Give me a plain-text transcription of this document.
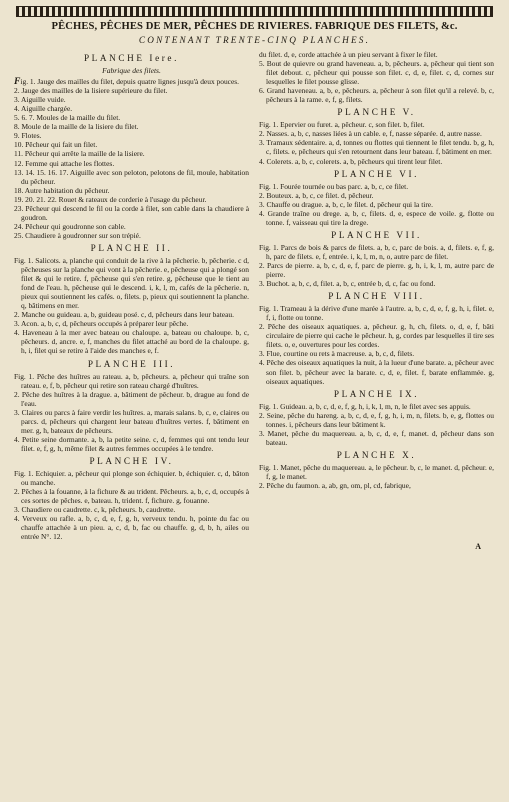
PÊCHES, PÊCHES DE MER, PÊCHES DE RIVIERES. FABRIQUE DES FILETS, &c.
CONTENANT TRENTE-CINQ PLANCHES.
PLANCHE Iere.
Fabrique des filets.

Fig. 1. Jauge des mailles du filet, depuis quatre lignes jusqu'à deux pouces.

2. Jauge des mailles de la lisiere supérieure du filet.

3. Aiguille vuide.

4. Aiguille chargée.

5. 6. 7. Moules de la maille du filet.

8. Moule de la maille de la lisiere du filet.

9. Flotes.

10. Pêcheur qui fait un filet.

11. Pêcheur qui arrête la maille de la lisiere.

12. Femme qui attache les flottes.

13. 14. 15. 16. 17. Aiguille avec son peloton, pelotons de fil, moule, habitation du pêcheur.

18. Autre habitation du pêcheur.

19. 20. 21. 22. Rouet & rateaux de corderie à l'usage du pêcheur.

23. Pêcheur qui descend le fil ou la corde à filet, son cable dans la chaudiere à goudron.

24. Pêcheur qui goudronne son cable.

25. Chaudiere à goudronner sur son trépié.

PLANCHE II.

Fig. 1. Salicots. a, planche qui conduit de la rive à la pêcherie. b, pêcherie. c d, pêcheuses sur la planche qui vont à la pêcherie. e, pêcheuse qui a plongé son filet & qui le retire. f, pêcheuse qui s'en retire. g, pêcheuse que le tient au fond de l'eau. h, pêcheuse qui le descend. i, k, l, m, cafés de la pêcherie. n, pieux qui soutiennent les cafés. o, filets. p, pieux qui soutiennent la planche. q, bâtimens en mer.

2. Manche ou guideau. a, b, guideau posé. c, d, pêcheurs dans leur bateau.

3. Acon. a, b, c, d, pêcheurs occupés à préparer leur pêche.

4. Haveneau à la mer avec bateau ou chaloupe. a, bateau ou chaloupe. b, c, pêcheurs. d, ancre. e, f, manches du filet attaché au bord de la chaloupe. g, h, i, filet qui se retire à l'aide des manches e, f.

PLANCHE III.

Fig. 1. Pêche des huîtres au rateau. a, b, pêcheurs. a, pêcheur qui traîne son rateau. e, f, b, pêcheur qui retire son rateau chargé d'huîtres.

2. Pêche des huîtres à la drague. a, bâtiment de pêcheur. b, drague au fond de l'eau.

3. Claires ou parcs à faire verdir les huîtres. a, marais salans. b, c, e, claires ou parcs. d, pêcheurs qui chargent leur bateau d'huîtres vertes. f, bâtiment en mer. g, h, bateaux de pêcheurs.

4. Petite seine dormante. a, b, la petite seine. c, d, femmes qui ont tendu leur filet. e, f, g, h, même filet & autres femmes occupées à le tendre.

PLANCHE IV.

Fig. 1. Echiquier. a, pêcheur qui plonge son échiquier. b, échiquier. c, d, bâton ou manche.

2. Pêches à la fouanne, à la fichure & au trident. Pêcheurs. a, b, c, d, occupés à ces sortes de pêches. e, bateau. h, trident. f, fichure. g, fouanne.

3. Chaudiere ou caudrette. c, k, pêcheurs. b, caudrette.

4. Verveux ou rafle. a, b, c, d, e, f, g, h, verveux tendu. h, pointe du fac ou chauffe attachée à un pieu. a, c, d, b, fac ou chauffe. g, d, b, h, ailes ou entrée N°. 12.

du filet. d, e, corde attachée à un pieu servant à fixer le filet.

5. Bout de quievre ou grand haveneau. a, b, pêcheurs. a, pêcheur qui tient son filet debout. c, pêcheur qui pousse son filet. c, d, e, filet. c, d, cornes sur lesquelles le filet pousse glisse.

6. Grand haveneau. a, b, e, pêcheurs. a, pêcheur à son filet qu'il a relevé. b, c, pêcheurs à la rame. e, f, g, filets.

PLANCHE V.

Fig. 1. Epervier ou furet. a, pêcheur. c, son filet. b, filet.

2. Nasses. a, b, c, nasses liées à un cable. e, f, nasse séparée. d, autre nasse.

3. Tramaux sédentaire. a, d, tonnes ou flottes qui tiennent le filet tendu. b, g, h, c, filets. e, pêcheurs qui s'en retournent dans leur bateau. f, bâtiment en mer.

4. Colerets. a, b, c, colerets. a, b, pêcheurs qui tirent leur filet.

PLANCHE VI.

Fig. 1. Fourée tournée ou bas parc. a, b, c, ce filet.

2. Bouteux. a, b, c, ce filet. d, pêcheur.

3. Chauffe ou drague. a, b, c, le filet. d, pêcheur qui la tire.

4. Grande traîne ou drege. a, b, c, filets. d, e, espece de voile. g, flotte ou tonne. f, vaisseau qui tire la drege.

PLANCHE VII.

Fig. 1. Parcs de bois & parcs de filets. a, b, c, parc de bois. a, d, filets. e, f, g, h, parc de filets. e, f, entrée. i, k, l, m, n, o, autre parc de filet.

2. Parcs de pierre. a, b, c, d, e, f, parc de pierre. g, h, i, k, l, m, autre parc de pierre.

3. Buchot. a, b, c, d, filet. a, b, c, entrée b, d, c, fac ou fond.

PLANCHE VIII.

Fig. 1. Trameau à la dérive d'une marée à l'autre. a, b, c, d, e, f, g, h, i, filet. e, f, i, flotte ou tonne.

2. Pêche des oiseaux aquatiques. a, pêcheur. g, h, ch, filets. o, d, e, f, bâti circulaire de pierre qui cache le pêcheur. h, g, cordes par lesquelles il tire ses filets. o, e, ouvertures pour les cordes.

3. Flue, courtine ou rets à macreuse. a, b, c, d, filets.

4. Pêche des oiseaux aquatiques la nuit, à la lueur d'une barate. a, pêcheur avec son filet. b, pêcheur avec la barate. c, d, e, filet. f, barate enflammée. g, oiseaux aquatiques.

PLANCHE IX.

Fig. 1. Guideau. a, b, c, d, e, f, g, h, i, k, l, m, n, le filet avec ses appuis.

2. Seine, pêche du hareng. a, b, c, d, e, f, g, h, i, m, n, filets. b, e, g, flottes ou tonnes. i, pêcheurs dans leur bâtiment k.

3. Manet, pêche du maquereau. a, b, c, d, e, f, manet. d, pêcheur dans son bateau.

PLANCHE X.

Fig. 1. Manet, pêche du maquereau. a, le pêcheur. b, c, le manet. d, pêcheur. e, f, g, le manet.

2. Pêche du faumon. a, ab, gn, om, pl, cd, fabrique,

A
